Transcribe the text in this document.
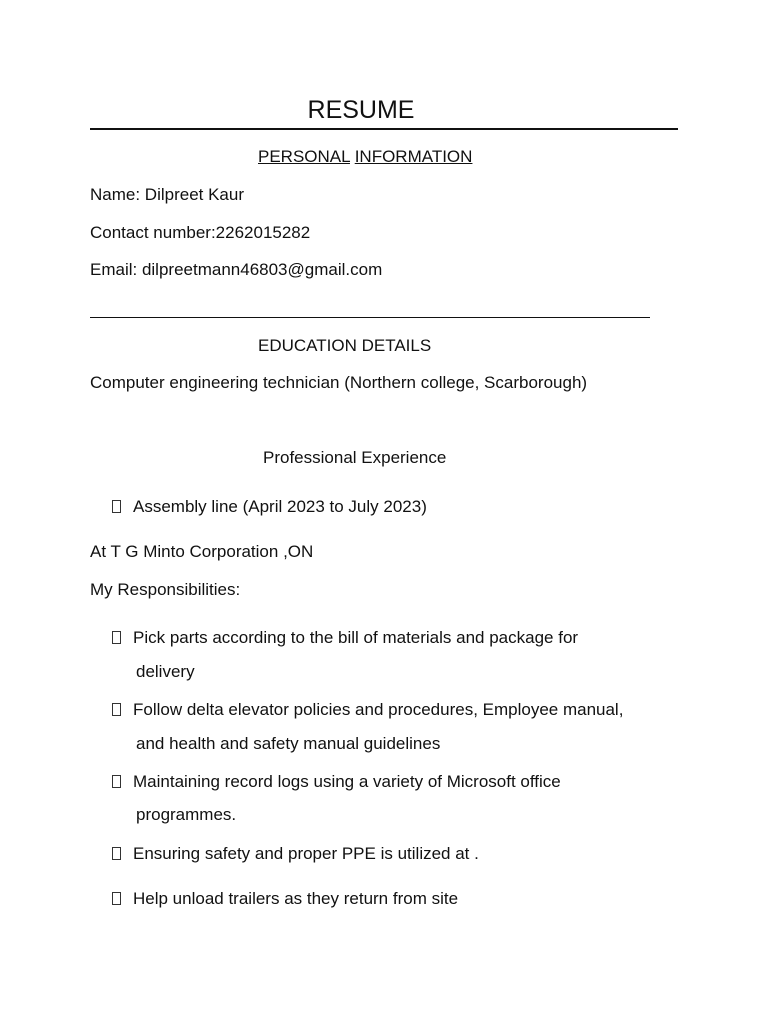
RESUME
PERSONAL INFORMATION
Name: Dilpreet Kaur
Contact number:2262015282
Email: dilpreetmann46803@gmail.com
EDUCATION DETAILS
Computer engineering technician (Northern college, Scarborough)
Professional Experience
Assembly line (April 2023 to July 2023)
At T G Minto Corporation ,ON
My Responsibilities:
Pick parts according to the bill of materials and package for
delivery
Follow delta elevator policies and procedures, Employee manual,
and health and safety manual guidelines
Maintaining record logs using a variety of Microsoft office
programmes.
Ensuring safety and proper PPE is utilized at .
Help unload trailers as they return from site
